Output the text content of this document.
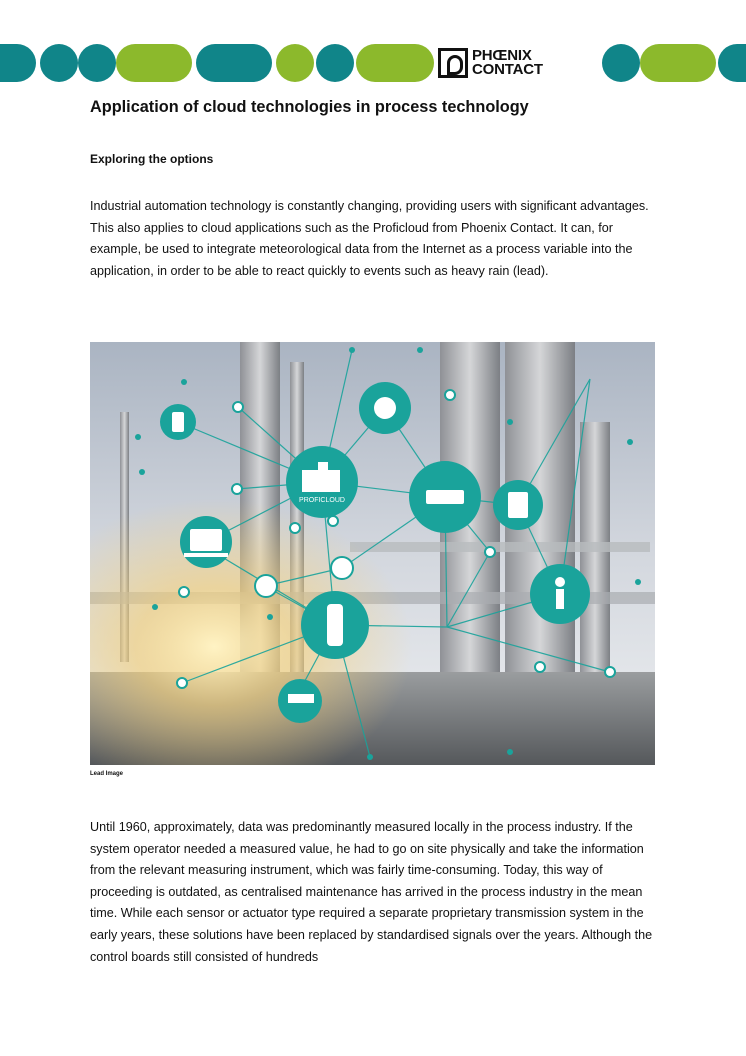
PHŒNIX
CONTACT
Application of cloud technologies in process technology
Exploring the options

Industrial automation technology is constantly changing, providing users with significant advantages. This also applies to cloud applications such as the Proficloud from Phoenix Contact. It can, for example, be used to integrate meteorological data from the Internet as a process variable into the application, in order to be able to react quickly to events such as heavy rain (lead).

PROFICLOUD
Lead Image

Until 1960, approximately, data was predominantly measured locally in the process industry. If the system operator needed a measured value, he had to go on site physically and take the information from the relevant measuring instrument, which was fairly time-consuming. Today, this way of proceeding is outdated, as centralised maintenance has arrived in the process industry in the mean time. While each sensor or actuator type required a separate proprietary transmission system in the early years, these solutions have been replaced by standardised signals over the years. Although the control boards still consisted of hundreds
